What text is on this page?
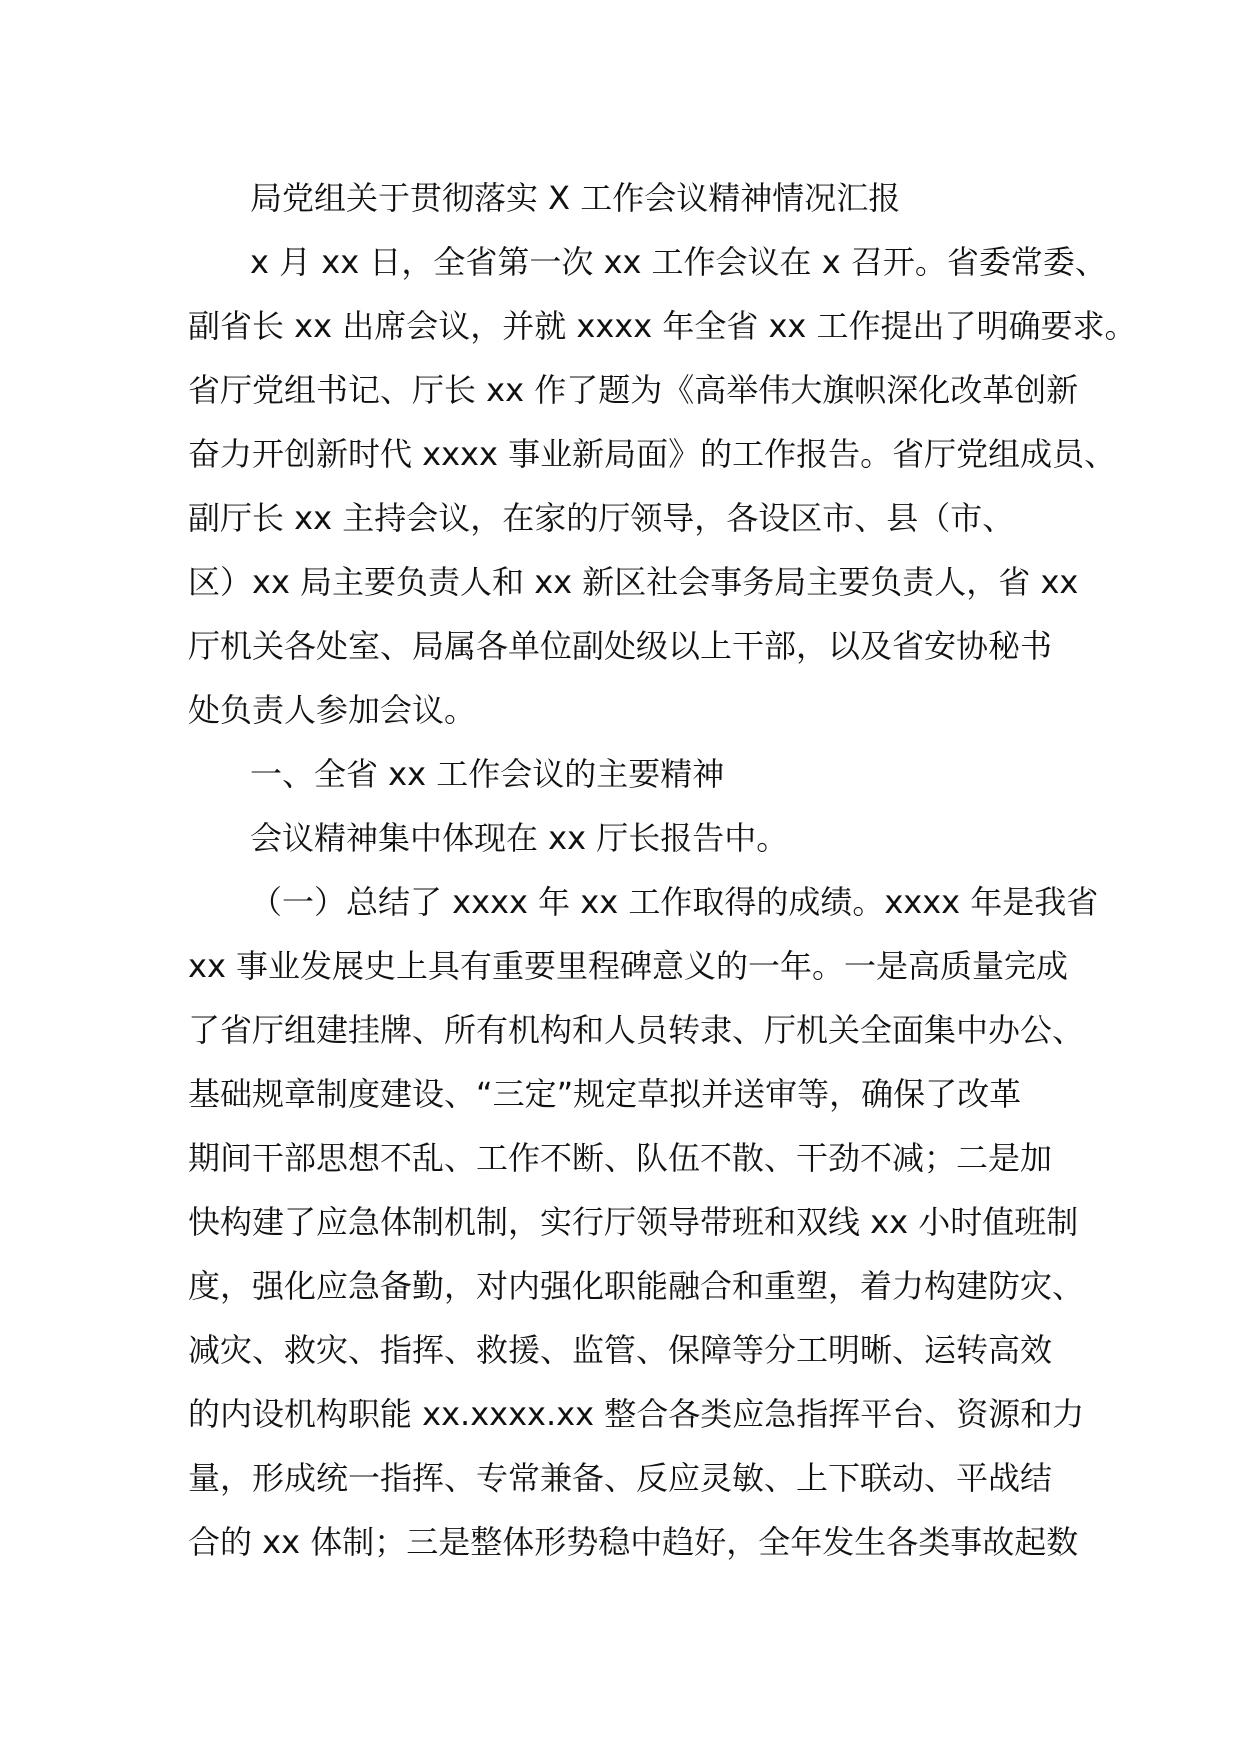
局党组关于贯彻落实 X 工作会议精神情况汇报
x 月 xx 日，全省第一次 xx 工作会议在 x 召开。省委常委、
副省长 xx 出席会议，并就 xxxx 年全省 xx 工作提出了明确要求。
省厅党组书记、厅长 xx 作了题为《高举伟大旗帜深化改革创新
奋力开创新时代 xxxx 事业新局面》的工作报告。省厅党组成员、
副厅长 xx 主持会议，在家的厅领导，各设区市、县（市、
区）xx 局主要负责人和 xx 新区社会事务局主要负责人，省 xx
厅机关各处室、局属各单位副处级以上干部，以及省安协秘书
处负责人参加会议。
一、全省 xx 工作会议的主要精神
会议精神集中体现在 xx 厅长报告中。
（一）总结了 xxxx 年 xx 工作取得的成绩。xxxx 年是我省
xx 事业发展史上具有重要里程碑意义的一年。一是高质量完成
了省厅组建挂牌、所有机构和人员转隶、厅机关全面集中办公、
基础规章制度建设、“三定”规定草拟并送审等，确保了改革
期间干部思想不乱、工作不断、队伍不散、干劲不减；二是加
快构建了应急体制机制，实行厅领导带班和双线 xx 小时值班制
度，强化应急备勤，对内强化职能融合和重塑，着力构建防灾、
减灾、救灾、指挥、救援、监管、保障等分工明晰、运转高效
的内设机构职能 xx.xxxx.xx 整合各类应急指挥平台、资源和力
量，形成统一指挥、专常兼备、反应灵敏、上下联动、平战结
合的 xx 体制；三是整体形势稳中趋好，全年发生各类事故起数
